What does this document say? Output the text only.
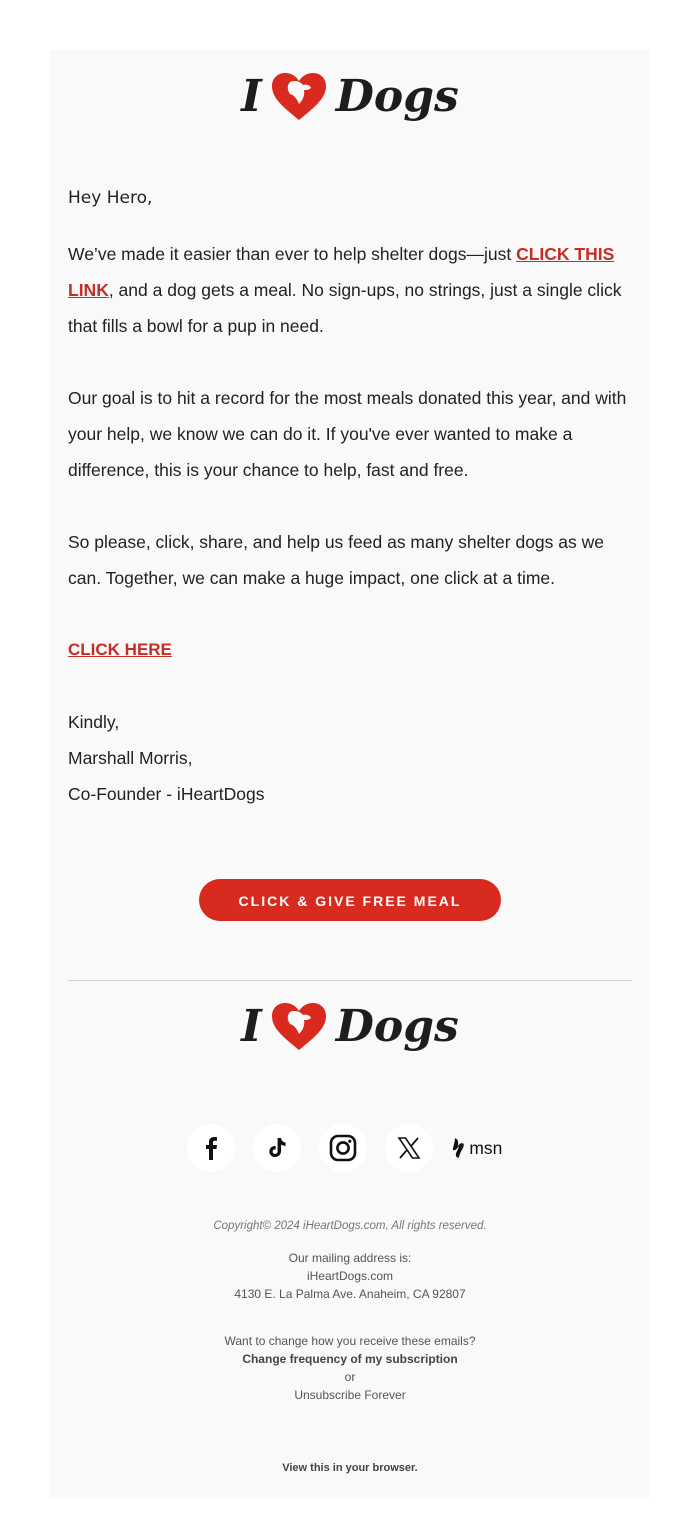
I Dogs

Hey Hero,

We’ve made it easier than ever to help shelter dogs—just CLICK THIS LINK, and a dog gets a meal. No sign-ups, no strings, just a single click that fills a bowl for a pup in need.

Our goal is to hit a record for the most meals donated this year, and with your help, we know we can do it. If you've ever wanted to make a difference, this is your chance to help, fast and free.

So please, click, share, and help us feed as many shelter dogs as we can. Together, we can make a huge impact, one click at a time.

CLICK HERE
Kindly,
Marshall Morris,
Co-Founder - iHeartDogs
CLICK & GIVE FREE MEAL
I Dogs
msn
Copyright© 2024 iHeartDogs.com, All rights reserved.
Our mailing address is:
iHeartDogs.com
4130 E. La Palma Ave. Anaheim, CA 92807
Want to change how you receive these emails?
Change frequency of my subscription
or
Unsubscribe Forever
View this in your browser.
